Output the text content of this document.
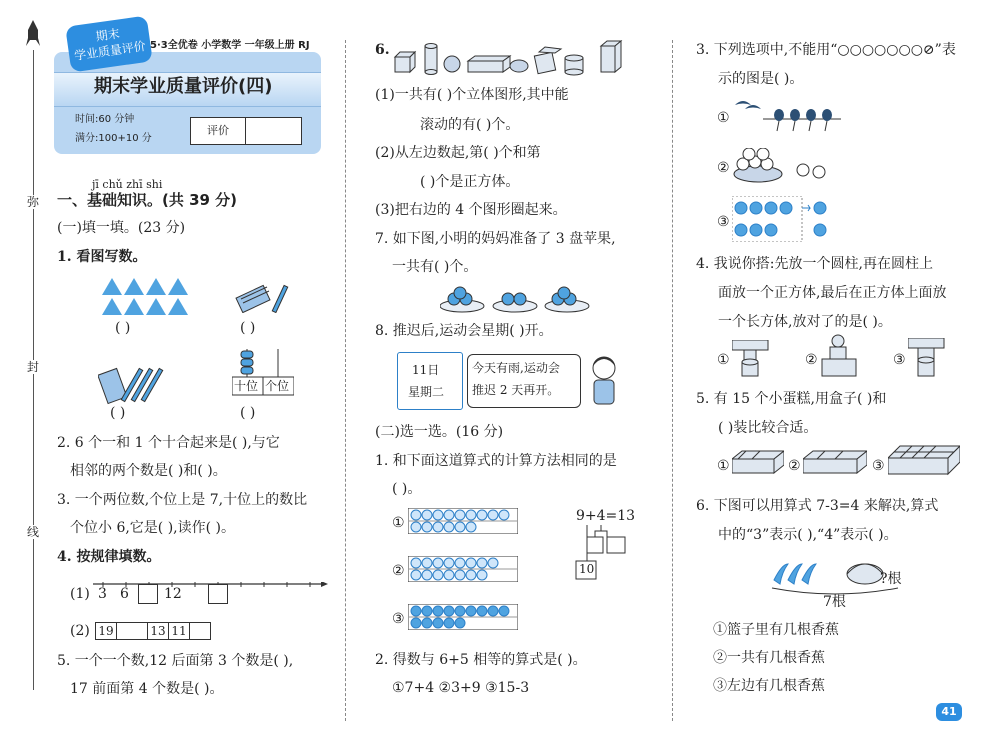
弥
封
线
期末
学业质量评价 5·3全优卷 小学数学 一年级上册 RJ
期末学业质量评价(四)
时间:60 分钟
满分:100+10 分
评价
jī chǔ zhī shi
一、基础知识。(共 39 分)
(一)填一填。(23 分)
1. 看图写数。
( )	( )
( )
十位 个位
( )
2. 6 个一和 1 个十合起来是( ),与它
相邻的两个数是( )和( )。
3. 一个两位数,个位上是 7,十位上的数比
个位小 6,它是( ),读作( )。
4. 按规律填数。
(1) 3 6	12
(2) 19	13 11
5. 一个一个数,12 后面第 3 个数是( ),
17 前面第 4 个数是( )。
6.
(1)一共有( )个立体图形,其中能
滚动的有( )个。
(2)从左边数起,第( )个和第
( )个是正方体。
(3)把右边的 4 个图形圈起来。
7. 如下图,小明的妈妈准备了 3 盘苹果,
一共有( )个。
8. 推迟后,运动会星期( )开。
11日
星期二
今天有雨,运动会
推迟 2 天再开。
(二)选一选。(16 分)
1. 和下面这道算式的计算方法相同的是
( )。
①
②
③
9+4=13
10
2. 得数与 6+5 相等的算式是( )。
①7+4 ②3+9 ③15-3
3. 下列选项中,不能用“○○○○○○○⊘”表
示的图是( )。
①
②
③
4. 我说你搭:先放一个圆柱,再在圆柱上
面放一个正方体,最后在正方体上面放
一个长方体,放对了的是( )。
①	②	③
5. 有 15 个小蛋糕,用盒子( )和
( )装比较合适。
①	②	③
6. 下图可以用算式 7-3=4 来解决,算式
中的“3”表示( ),“4”表示( )。
?根
7根
①篮子里有几根香蕉
②一共有几根香蕉
③左边有几根香蕉
41
